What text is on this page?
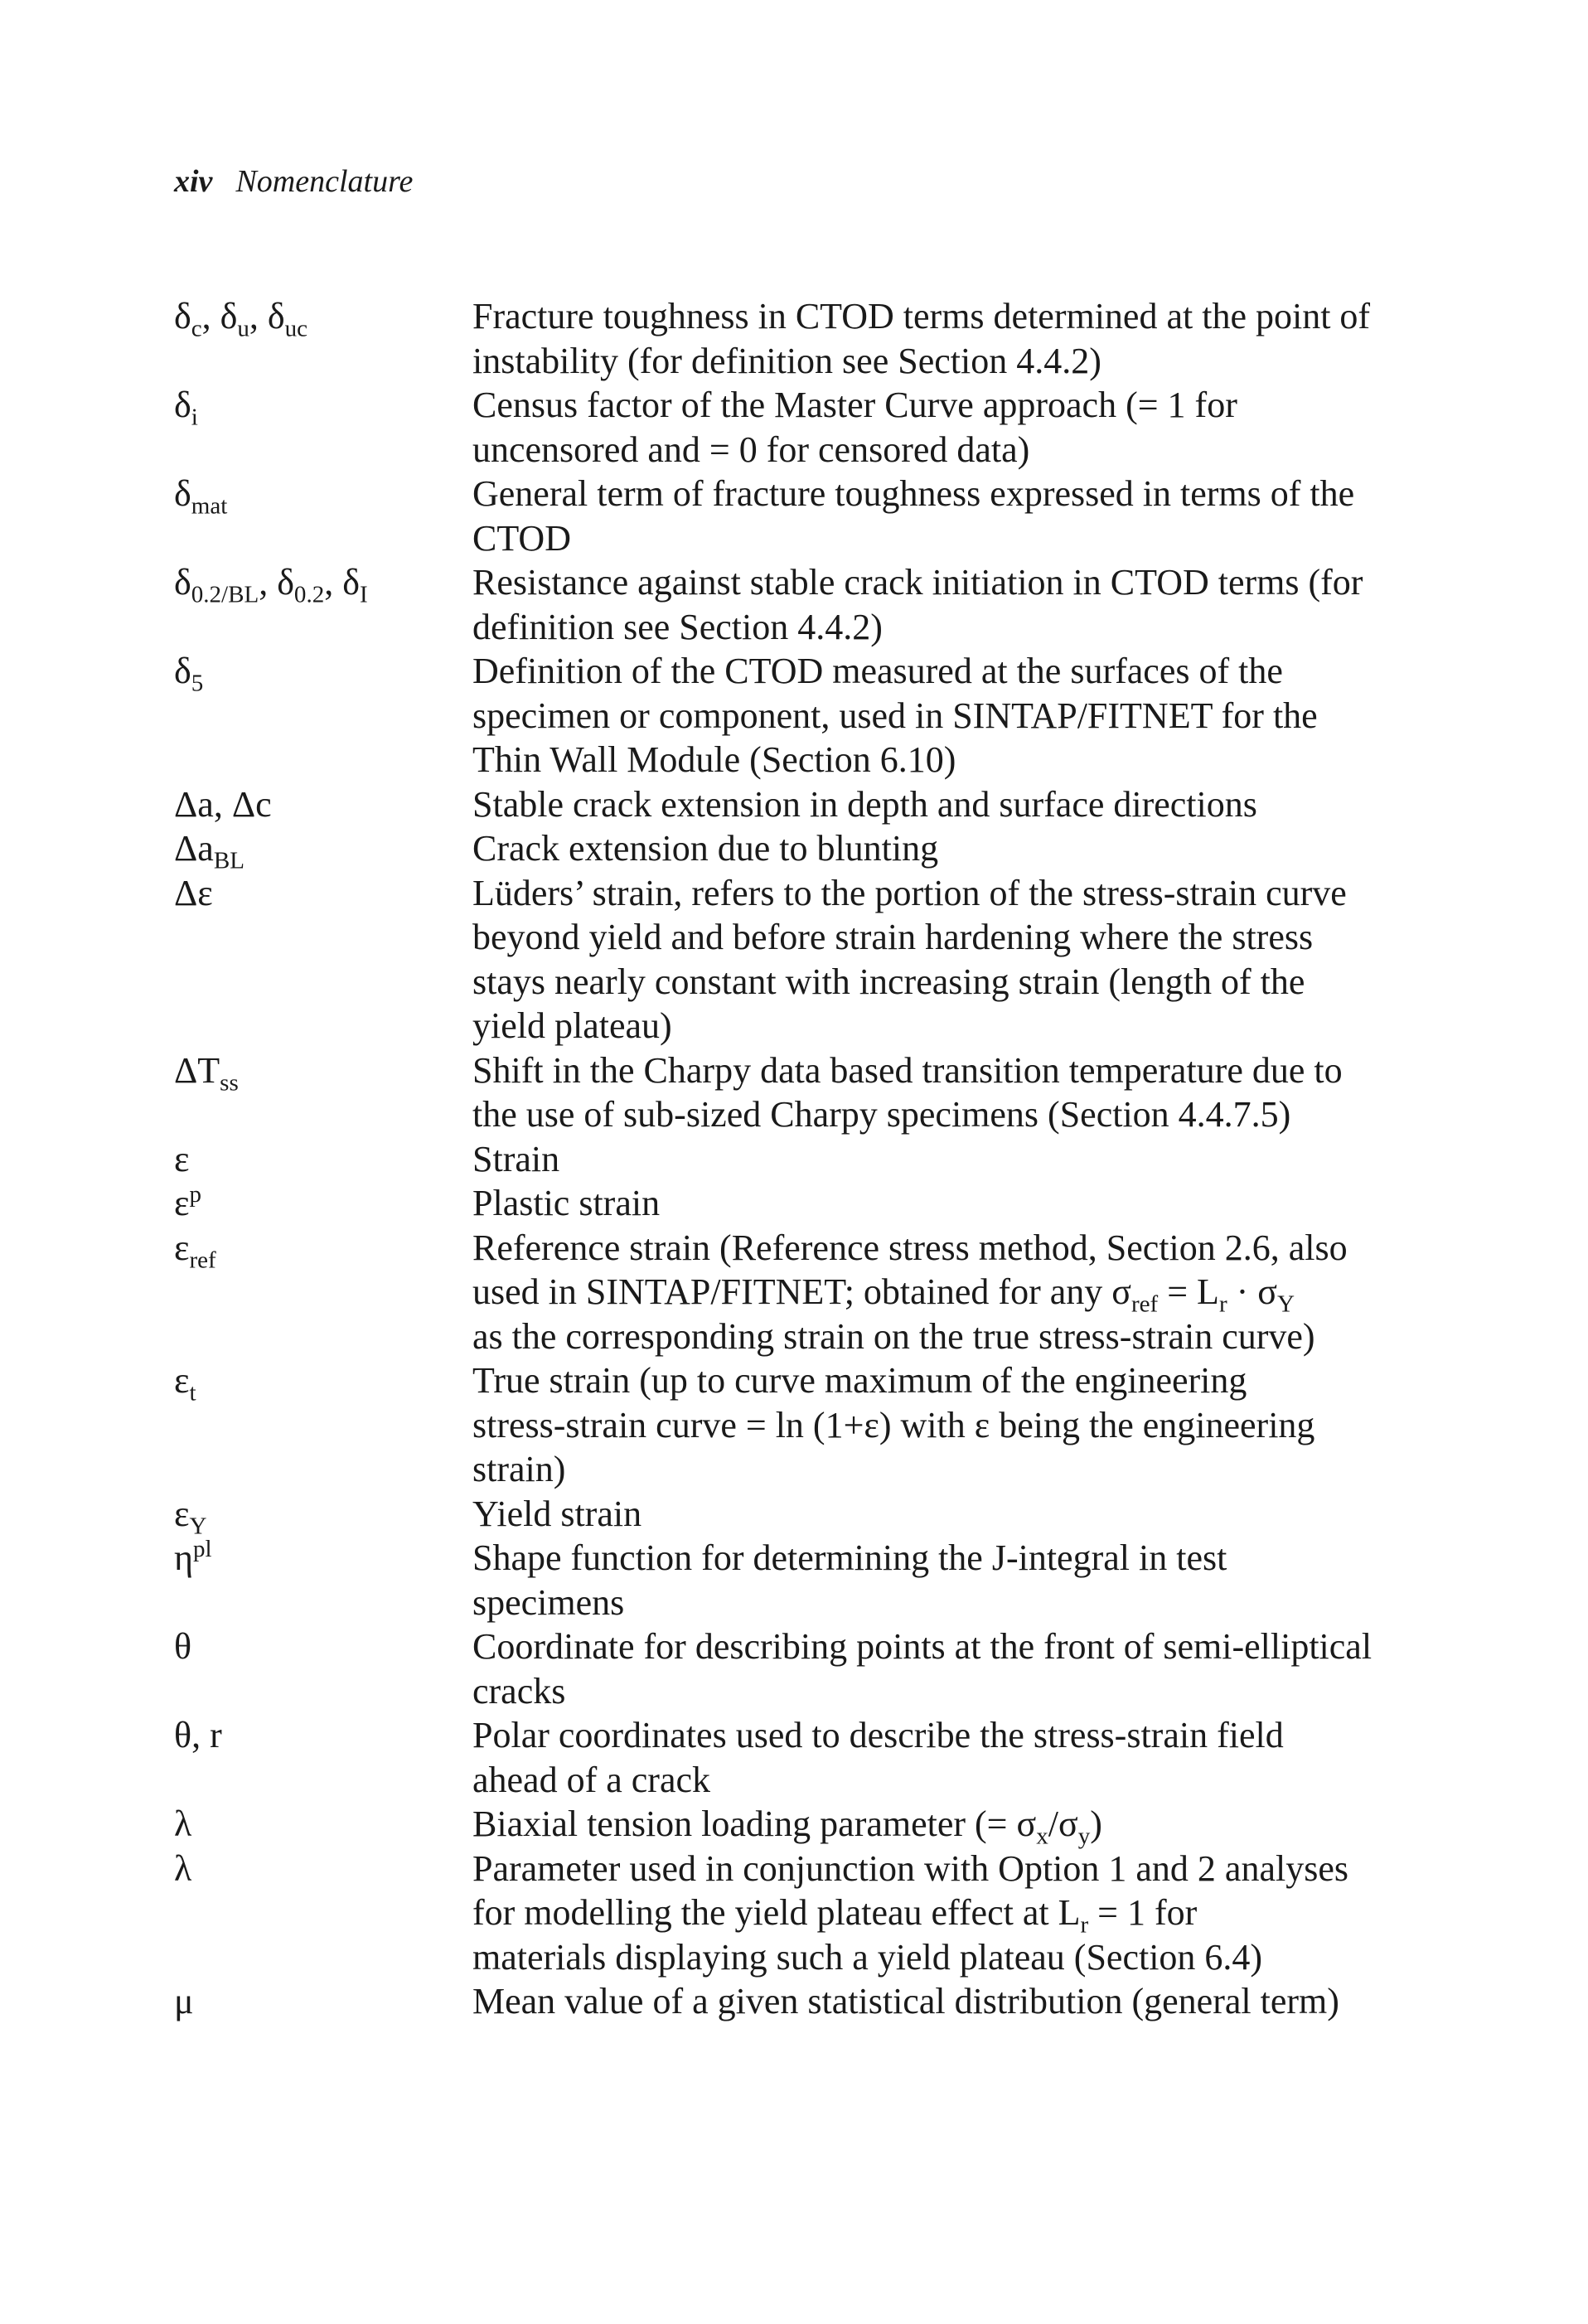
xiv Nomenclature
$\delta_c$, $\delta_u$, $\delta_{uc}$	Fracture toughness in CTOD terms determined at the point of
instability (for definition see Section 4.4.2)
$\delta_i$	Census factor of the Master Curve approach (= 1 for
uncensored and = 0 for censored data)
$\delta_{mat}$	General term of fracture toughness expressed in terms of the
CTOD
$\delta_{0.2/BL}$, $\delta_{0.2}$, $\delta_I$	Resistance against stable crack initiation in CTOD terms (for
definition see Section 4.4.2)
$\delta_5$	Definition of the CTOD measured at the surfaces of the
specimen or component, used in SINTAP/FITNET for the
Thin Wall Module (Section 6.10)
Δa, Δc	Stable crack extension in depth and surface directions
$\Delta a_{BL}$	Crack extension due to blunting
Δε	Lüders’ strain, refers to the portion of the stress-strain curve
beyond yield and before strain hardening where the stress
stays nearly constant with increasing strain (length of the
yield plateau)
$\Delta T_{ss}$	Shift in the Charpy data based transition temperature due to
the use of sub-sized Charpy specimens (Section 4.4.7.5)
ε	Strain
$\varepsilon^p$	Plastic strain
$\varepsilon_{ref}$	Reference strain (Reference stress method, Section 2.6, also
used in SINTAP/FITNET; obtained for any $\sigma_{ref} = L_r \cdot \sigma_Y$
as the corresponding strain on the true stress-strain curve)
$\varepsilon_t$	True strain (up to curve maximum of the engineering
stress-strain curve = ln (1+ε) with ε being the engineering
strain)
$\varepsilon_Y$	Yield strain
$\eta^{pl}$	Shape function for determining the J-integral in test
specimens
θ	Coordinate for describing points at the front of semi-elliptical
cracks
θ, r	Polar coordinates used to describe the stress-strain field
ahead of a crack
λ	Biaxial tension loading parameter (= $\sigma_x/\sigma_y$)
λ	Parameter used in conjunction with Option 1 and 2 analyses
for modelling the yield plateau effect at $L_r = 1$ for
materials displaying such a yield plateau (Section 6.4)
μ	Mean value of a given statistical distribution (general term)
